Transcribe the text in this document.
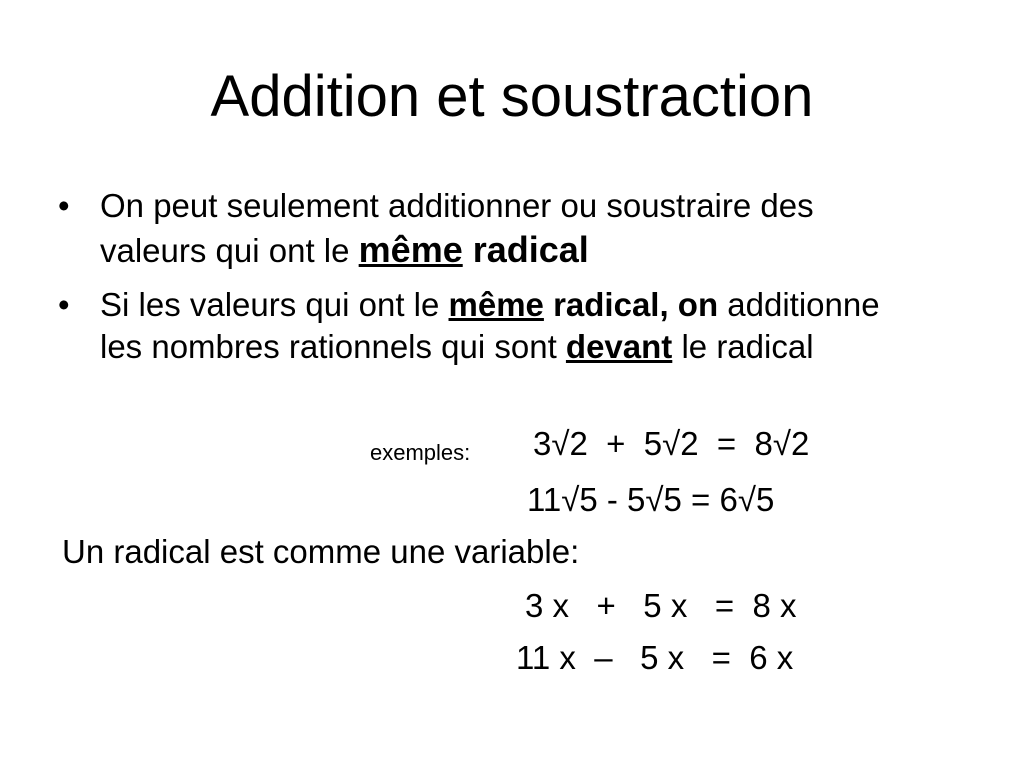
Addition et soustraction
• On peut seulement additionner ou soustraire des valeurs qui ont le même radical
• Si les valeurs qui ont le même radical, on additionne les nombres rationnels qui sont devant le radical
exemples: 3√2  +  5√2  =  8√2
11√5 - 5√5 = 6√5
Un radical est comme une variable:
3 x   +   5 x   =  8 x
11 x  –   5 x   =  6 x
